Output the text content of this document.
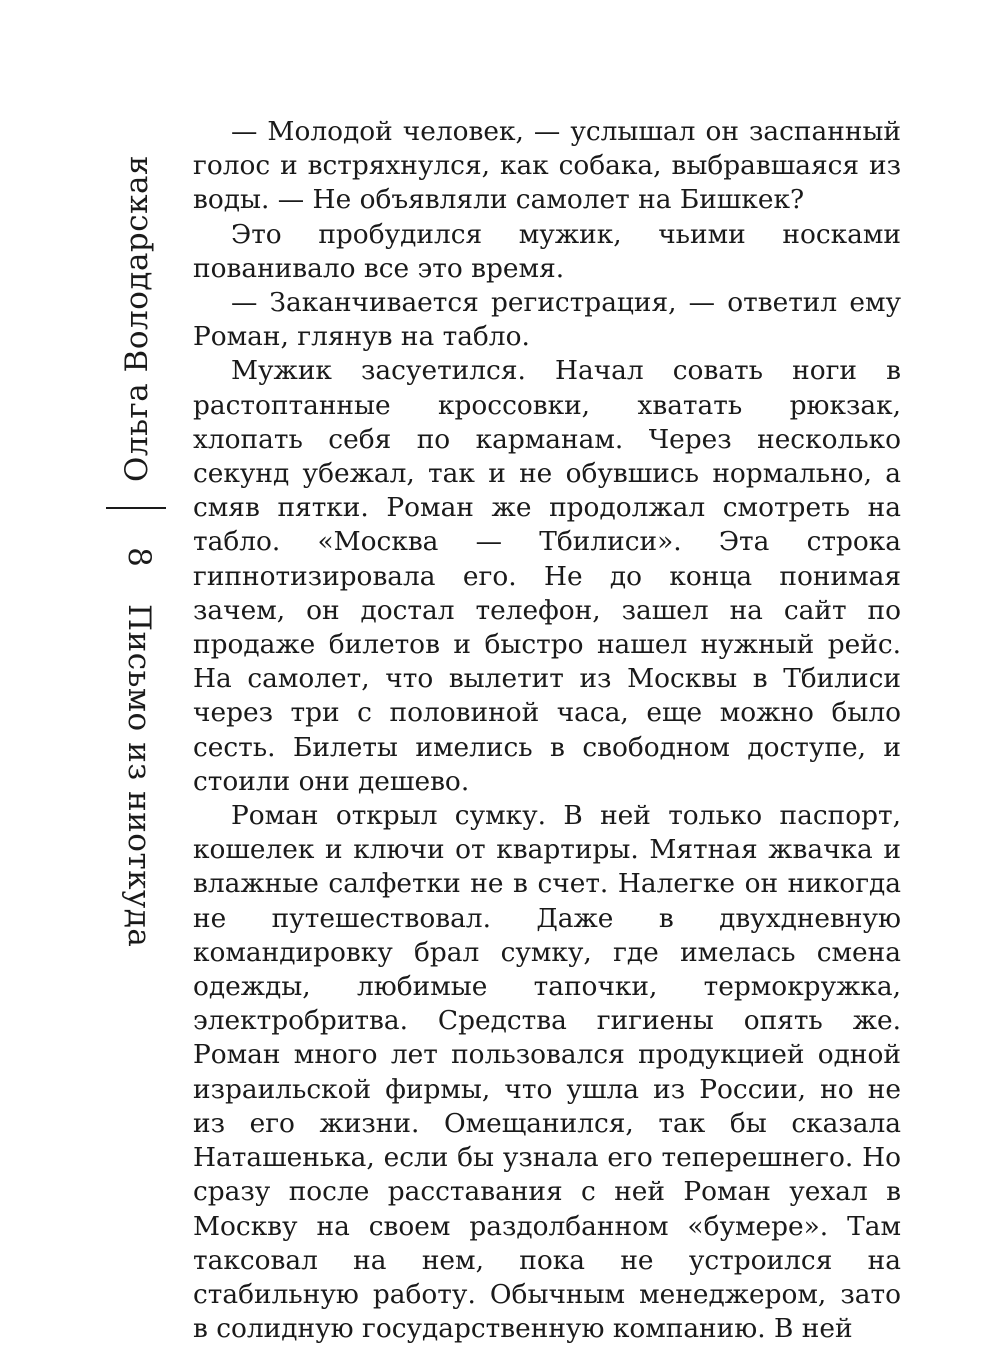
Ольга Володарская
8
Письмо из ниоткуда

— Молодой человек, — услышал он заспанный голос и встряхнулся, как собака, выбравшаяся из воды. — Не объявляли самолет на Бишкек?

Это пробудился мужик, чьими носками пованивало все это время.

— Заканчивается регистрация, — ответил ему Роман, глянув на табло.

Мужик засуетился. Начал совать ноги в растоптанные кроссовки, хватать рюкзак, хлопать себя по карманам. Через несколько секунд убежал, так и не обувшись нормально, а смяв пятки. Роман же продолжал смотреть на табло. «Москва — Тбилиси». Эта строка гипнотизировала его. Не до конца понимая зачем, он достал телефон, зашел на сайт по продаже билетов и быстро нашел нужный рейс. На самолет, что вылетит из Москвы в Тбилиси через три с половиной часа, еще можно было сесть. Билеты имелись в свободном доступе, и стоили они дешево.

Роман открыл сумку. В ней только паспорт, кошелек и ключи от квартиры. Мятная жвачка и влажные салфетки не в счет. Налегке он никогда не путешествовал. Даже в двухдневную командировку брал сумку, где имелась смена одежды, любимые тапочки, термокружка, электробритва. Средства гигиены опять же. Роман много лет пользовался продукцией одной израильской фирмы, что ушла из России, но не из его жизни. Омещанился, так бы сказала Наташенька, если бы узнала его теперешнего. Но сразу после расставания с ней Роман уехал в Москву на своем раздолбанном «бумере». Там таксовал на нем, пока не устроился на стабильную работу. Обычным менеджером, зато в солидную государственную компанию. В ней
